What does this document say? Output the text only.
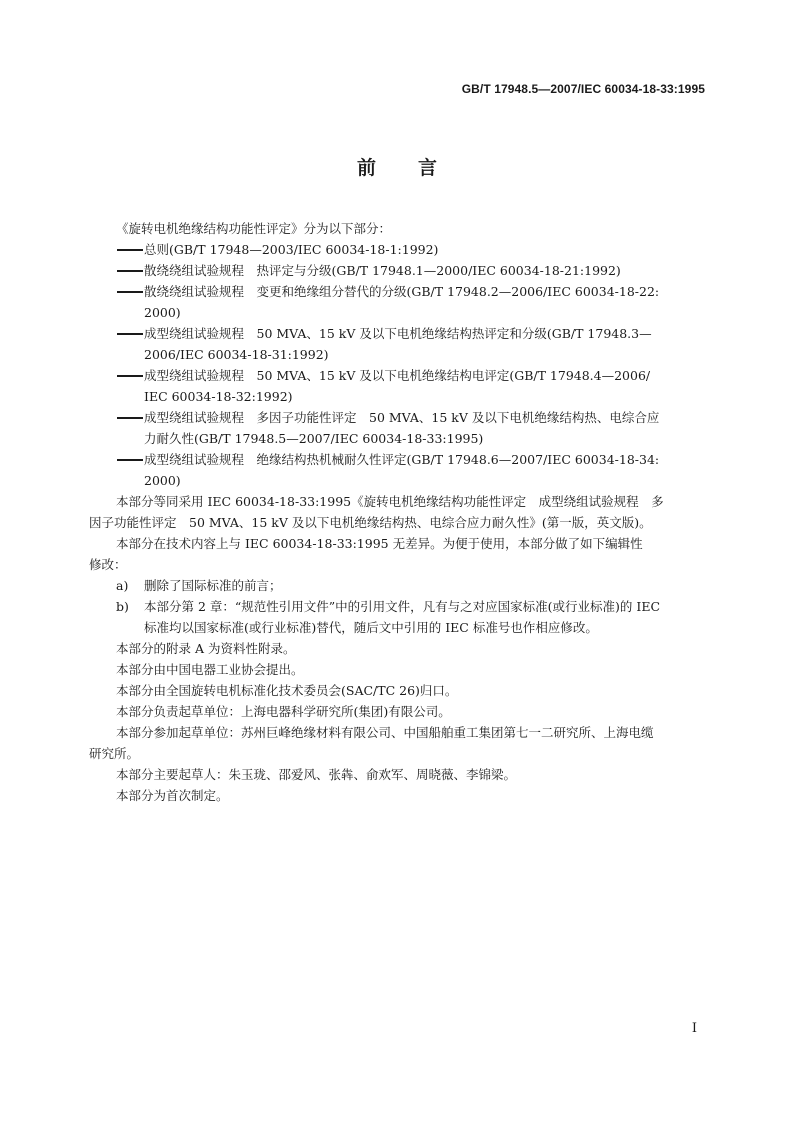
GB/T 17948.5—2007/IEC 60034-18-33:1995
前言
《旋转电机绝缘结构功能性评定》分为以下部分：
总则(GB/T 17948—2003/IEC 60034-18-1:1992)
散绕绕组试验规程　热评定与分级(GB/T 17948.1—2000/IEC 60034-18-21:1992)
散绕绕组试验规程　变更和绝缘组分替代的分级(GB/T 17948.2—2006/IEC 60034-18-22:
2000)
成型绕组试验规程　50 MVA、15 kV 及以下电机绝缘结构热评定和分级(GB/T 17948.3—
2006/IEC 60034-18-31:1992)
成型绕组试验规程　50 MVA、15 kV 及以下电机绝缘结构电评定(GB/T 17948.4—2006/
IEC 60034-18-32:1992)
成型绕组试验规程　多因子功能性评定　50 MVA、15 kV 及以下电机绝缘结构热、电综合应
力耐久性(GB/T 17948.5—2007/IEC 60034-18-33:1995)
成型绕组试验规程　绝缘结构热机械耐久性评定(GB/T 17948.6—2007/IEC 60034-18-34:
2000)
本部分等同采用 IEC 60034-18-33:1995《旋转电机绝缘结构功能性评定　成型绕组试验规程　多
因子功能性评定　50 MVA、15 kV 及以下电机绝缘结构热、电综合应力耐久性》(第一版，英文版)。
本部分在技术内容上与 IEC 60034-18-33:1995 无差异。为便于使用，本部分做了如下编辑性
修改：
a) 删除了国际标准的前言；
b) 本部分第 2 章：“规范性引用文件”中的引用文件，凡有与之对应国家标准(或行业标准)的 IEC
标准均以国家标准(或行业标准)替代，随后文中引用的 IEC 标准号也作相应修改。
本部分的附录 A 为资料性附录。
本部分由中国电器工业协会提出。
本部分由全国旋转电机标准化技术委员会(SAC/TC 26)归口。
本部分负责起草单位：上海电器科学研究所(集团)有限公司。
本部分参加起草单位：苏州巨峰绝缘材料有限公司、中国船舶重工集团第七一二研究所、上海电缆
研究所。
本部分主要起草人：朱玉珑、邵爱风、张犇、俞欢军、周晓薇、李锦梁。
本部分为首次制定。
I
